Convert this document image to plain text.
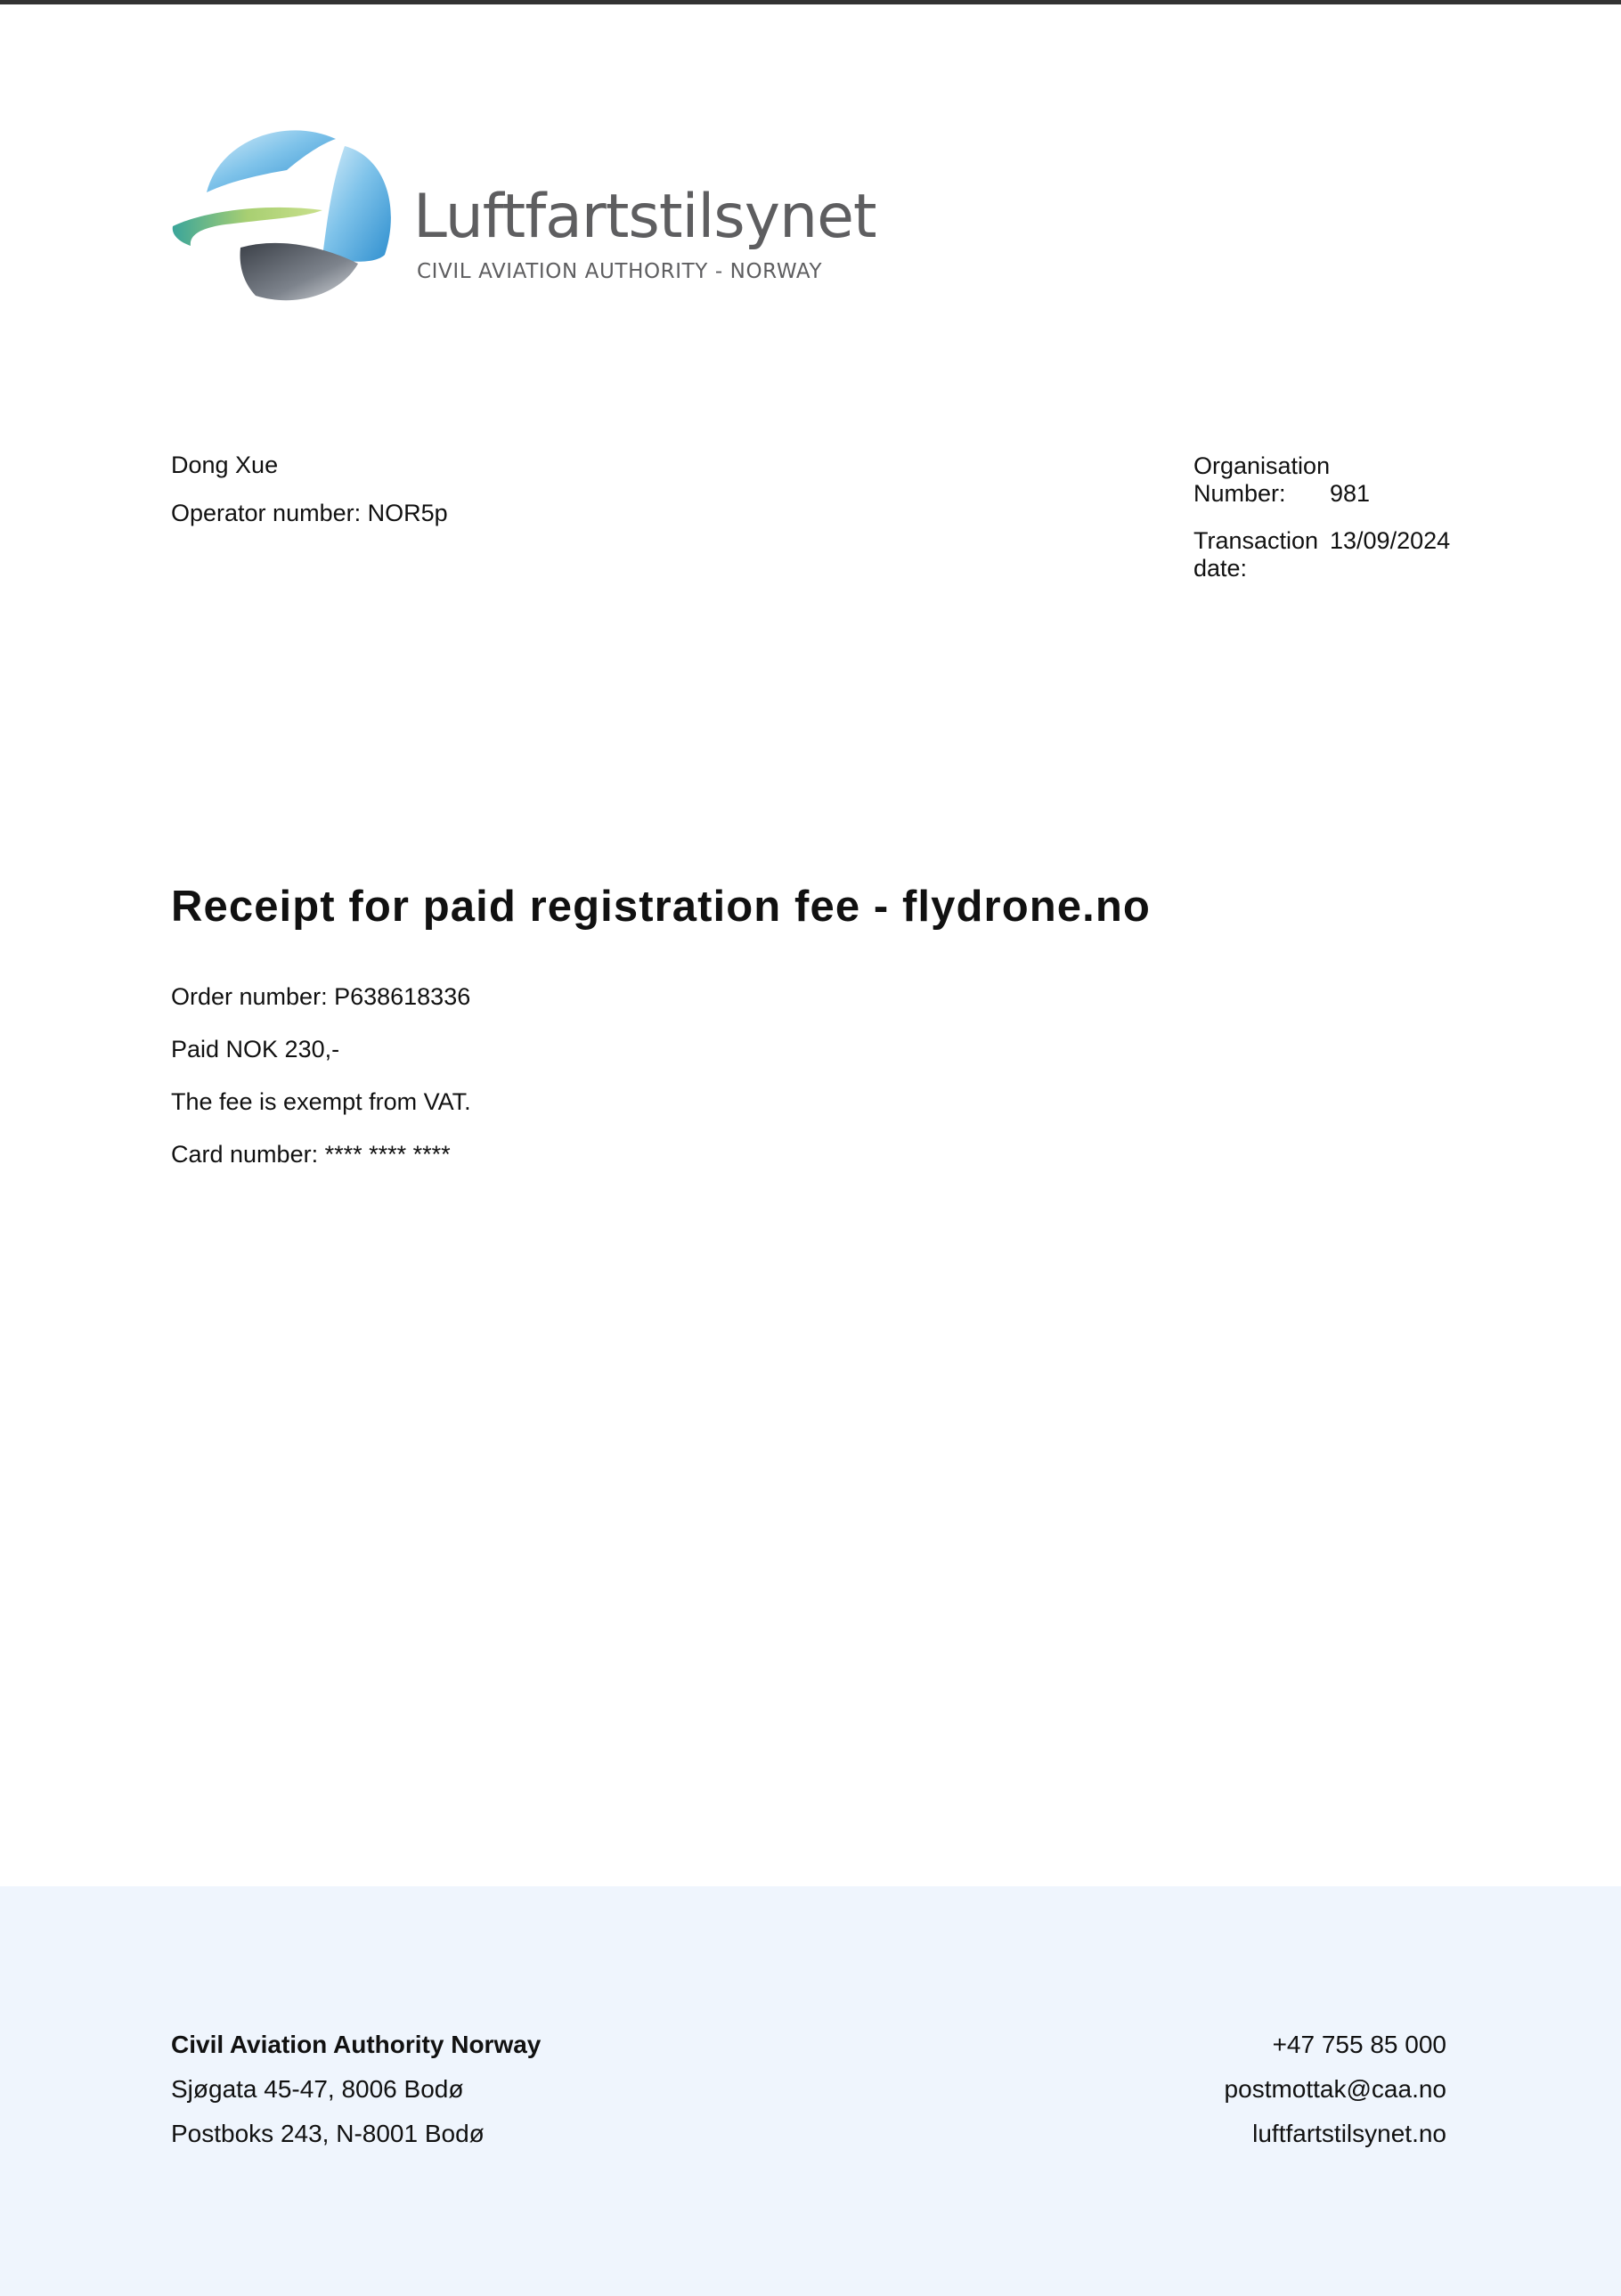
Luftfartstilsynet
CIVIL AVIATION AUTHORITY - NORWAY
Dong Xue
Operator number: NOR5p
Organisation
Number:	981
Transaction
date:
13/09/2024
Receipt for paid registration fee - flydrone.no
Order number: P638618336
Paid NOK 230,-
The fee is exempt from VAT.
Card number: **** **** ****
Civil Aviation Authority Norway
Sjøgata 45-47, 8006 Bodø
Postboks 243, N-8001 Bodø
+47 755 85 000
postmottak@caa.no
luftfartstilsynet.no
